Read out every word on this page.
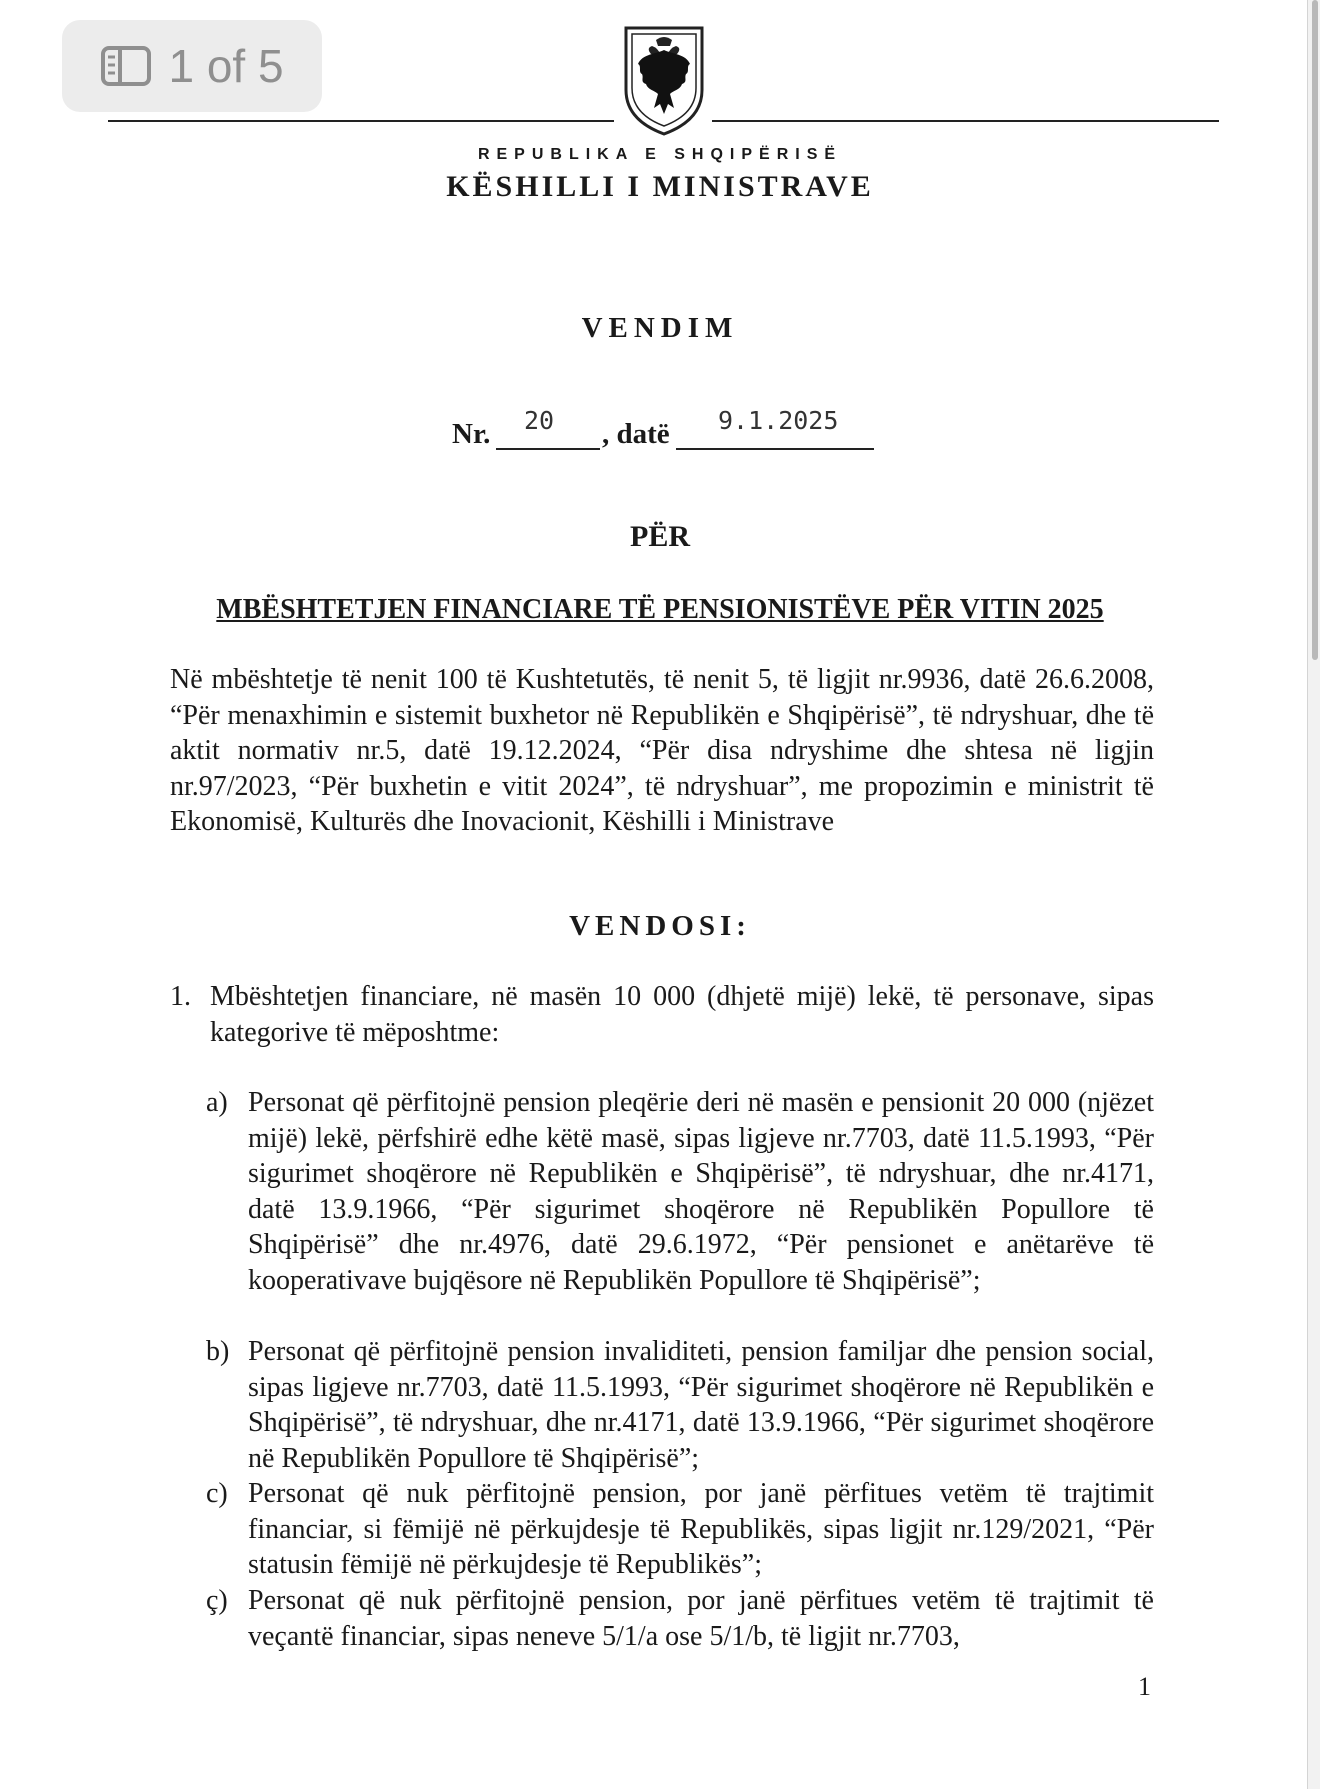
1 of 5
REPUBLIKA E SHQIPËRISË
KËSHILLI I MINISTRAVE
VENDIM
Nr. 20 , datë 9.1.2025
PËR
MBËSHTETJEN FINANCIARE TË PENSIONISTËVE PËR VITIN 2025
Në mbështetje të nenit 100 të Kushtetutës, të nenit 5, të ligjit nr.9936, datë 26.6.2008, “Për menaxhimin e sistemit buxhetor në Republikën e Shqipërisë”, të ndryshuar, dhe të aktit normativ nr.5, datë 19.12.2024, “Për disa ndryshime dhe shtesa në ligjin nr.97/2023, “Për buxhetin e vitit 2024”, të ndryshuar”, me propozimin e ministrit të Ekonomisë, Kulturës dhe Inovacionit, Këshilli i Ministrave
VENDOSI:
1. Mbështetjen financiare, në masën 10 000 (dhjetë mijë) lekë, të personave, sipas kategorive të mëposhtme:
a) Personat që përfitojnë pension pleqërie deri në masën e pensionit 20 000 (njëzet mijë) lekë, përfshirë edhe këtë masë, sipas ligjeve nr.7703, datë 11.5.1993, “Për sigurimet shoqërore në Republikën e Shqipërisë”, të ndryshuar, dhe nr.4171, datë 13.9.1966, “Për sigurimet shoqërore në Republikën Popullore të Shqipërisë” dhe nr.4976, datë 29.6.1972, “Për pensionet e anëtarëve të kooperativave bujqësore në Republikën Popullore të Shqipërisë”;
b) Personat që përfitojnë pension invaliditeti, pension familjar dhe pension social, sipas ligjeve nr.7703, datë 11.5.1993, “Për sigurimet shoqërore në Republikën e Shqipërisë”, të ndryshuar, dhe nr.4171, datë 13.9.1966, “Për sigurimet shoqërore në Republikën Popullore të Shqipërisë”;
c) Personat që nuk përfitojnë pension, por janë përfitues vetëm të trajtimit financiar, si fëmijë në përkujdesje të Republikës, sipas ligjit nr.129/2021, “Për statusin fëmijë në përkujdesje të Republikës”;
ç) Personat që nuk përfitojnë pension, por janë përfitues vetëm të trajtimit të veçantë financiar, sipas neneve 5/1/a ose 5/1/b, të ligjit nr.7703,
1
